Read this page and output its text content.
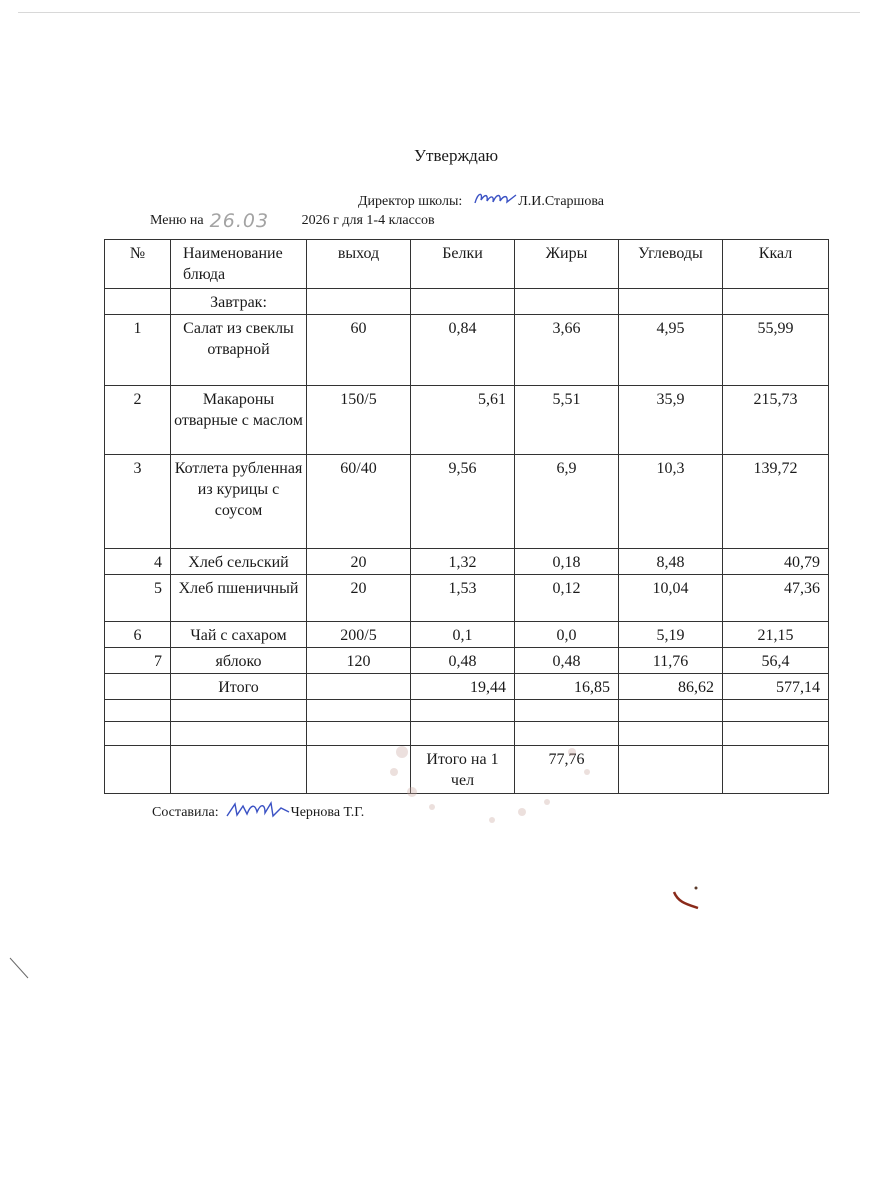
Утверждаю
Директор школы:	Л.И.Старшова
Меню на 26.03 2026 г для 1-4 классов
№	Наименование блюда	выход	Белки	Жиры	Углеводы	Ккал
	Завтрак:					
1	Салат из свеклы отварной	60	0,84	3,66	4,95	55,99
2	Макароны отварные с маслом	150/5	5,61	5,51	35,9	215,73
3	Котлета рубленная из курицы с соусом	60/40	9,56	6,9	10,3	139,72
4	Хлеб сельский	20	1,32	0,18	8,48	40,79
5	Хлеб пшеничный	20	1,53	0,12	10,04	47,36
6	Чай с сахаром	200/5	0,1	0,0	5,19	21,15
7	яблоко	120	0,48	0,48	11,76	56,4
	Итого		19,44	16,85	86,62	577,14

			Итого на 1 чел	77,76		
Составила:	Чернова Т.Г.
